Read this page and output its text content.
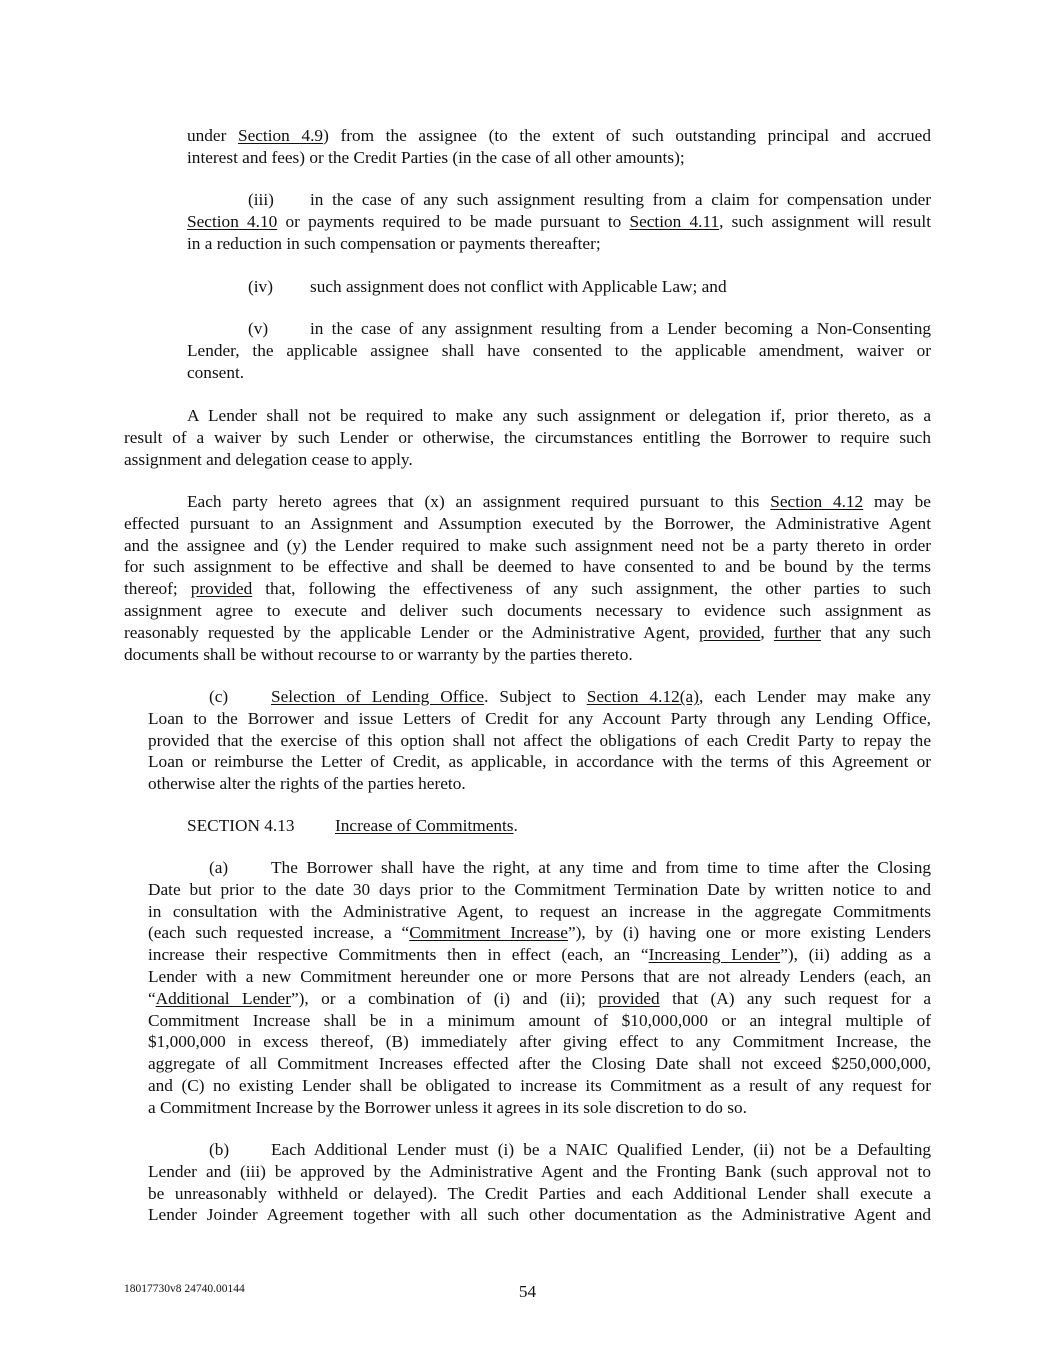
under Section 4.9) from the assignee (to the extent of such outstanding principal and accrued
interest and fees) or the Credit Parties (in the case of all other amounts);
(iii) in the case of any such assignment resulting from a claim for compensation under
Section 4.10 or payments required to be made pursuant to Section 4.11, such assignment will result
in a reduction in such compensation or payments thereafter;
(iv) such assignment does not conflict with Applicable Law; and
(v) in the case of any assignment resulting from a Lender becoming a Non-Consenting
Lender, the applicable assignee shall have consented to the applicable amendment, waiver or
consent.
A Lender shall not be required to make any such assignment or delegation if, prior thereto, as a
result of a waiver by such Lender or otherwise, the circumstances entitling the Borrower to require such
assignment and delegation cease to apply.
Each party hereto agrees that (x) an assignment required pursuant to this Section 4.12 may be
effected pursuant to an Assignment and Assumption executed by the Borrower, the Administrative Agent
and the assignee and (y) the Lender required to make such assignment need not be a party thereto in order
for such assignment to be effective and shall be deemed to have consented to and be bound by the terms
thereof; provided that, following the effectiveness of any such assignment, the other parties to such
assignment agree to execute and deliver such documents necessary to evidence such assignment as
reasonably requested by the applicable Lender or the Administrative Agent, provided, further that any such
documents shall be without recourse to or warranty by the parties thereto.
(c) Selection of Lending Office. Subject to Section 4.12(a), each Lender may make any
Loan to the Borrower and issue Letters of Credit for any Account Party through any Lending Office,
provided that the exercise of this option shall not affect the obligations of each Credit Party to repay the
Loan or reimburse the Letter of Credit, as applicable, in accordance with the terms of this Agreement or
otherwise alter the rights of the parties hereto.
SECTION 4.13 Increase of Commitments.
(a) The Borrower shall have the right, at any time and from time to time after the Closing
Date but prior to the date 30 days prior to the Commitment Termination Date by written notice to and
in consultation with the Administrative Agent, to request an increase in the aggregate Commitments
(each such requested increase, a “Commitment Increase”), by (i) having one or more existing Lenders
increase their respective Commitments then in effect (each, an “Increasing Lender”), (ii) adding as a
Lender with a new Commitment hereunder one or more Persons that are not already Lenders (each, an
“Additional Lender”), or a combination of (i) and (ii); provided that (A) any such request for a
Commitment Increase shall be in a minimum amount of $10,000,000 or an integral multiple of
$1,000,000 in excess thereof, (B) immediately after giving effect to any Commitment Increase, the
aggregate of all Commitment Increases effected after the Closing Date shall not exceed $250,000,000,
and (C) no existing Lender shall be obligated to increase its Commitment as a result of any request for
a Commitment Increase by the Borrower unless it agrees in its sole discretion to do so.
(b) Each Additional Lender must (i) be a NAIC Qualified Lender, (ii) not be a Defaulting
Lender and (iii) be approved by the Administrative Agent and the Fronting Bank (such approval not to
be unreasonably withheld or delayed). The Credit Parties and each Additional Lender shall execute a
Lender Joinder Agreement together with all such other documentation as the Administrative Agent and
18017730v8 24740.00144	54
